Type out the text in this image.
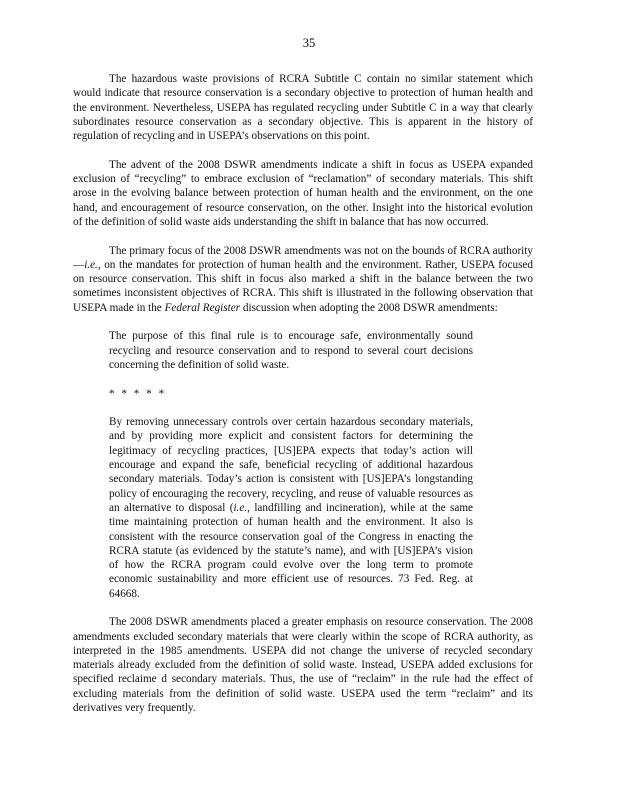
35

The hazardous waste provisions of RCRA Subtitle C contain no similar statement which would indicate that resource conservation is a secondary objective to protection of human health and the environment. Nevertheless, USEPA has regulated recycling under Subtitle C in a way that clearly subordinates resource conservation as a secondary objective. This is apparent in the history of regulation of recycling and in USEPA’s observations on this point.

The advent of the 2008 DSWR amendments indicate a shift in focus as USEPA expanded exclusion of “recycling” to embrace exclusion of “reclamation” of secondary materials. This shift arose in the evolving balance between protection of human health and the environment, on the one hand, and encouragement of resource conservation, on the other. Insight into the historical evolution of the definition of solid waste aids understanding the shift in balance that has now occurred.

The primary focus of the 2008 DSWR amendments was not on the bounds of RCRA authority—i.e., on the mandates for protection of human health and the environment. Rather, USEPA focused on resource conservation. This shift in focus also marked a shift in the balance between the two sometimes inconsistent objectives of RCRA. This shift is illustrated in the following observation that USEPA made in the Federal Register discussion when adopting the 2008 DSWR amendments:

The purpose of this final rule is to encourage safe, environmentally sound recycling and resource conservation and to respond to several court decisions concerning the definition of solid waste.

* * * * *

By removing unnecessary controls over certain hazardous secondary materials, and by providing more explicit and consistent factors for determining the legitimacy of recycling practices, [US]EPA expects that today’s action will encourage and expand the safe, beneficial recycling of additional hazardous secondary materials. Today’s action is consistent with [US]EPA’s longstanding policy of encouraging the recovery, recycling, and reuse of valuable resources as an alternative to disposal (i.e., landfilling and incineration), while at the same time maintaining protection of human health and the environment. It also is consistent with the resource conservation goal of the Congress in enacting the RCRA statute (as evidenced by the statute’s name), and with [US]EPA’s vision of how the RCRA program could evolve over the long term to promote economic sustainability and more efficient use of resources. 73 Fed. Reg. at 64668.

The 2008 DSWR amendments placed a greater emphasis on resource conservation. The 2008 amendments excluded secondary materials that were clearly within the scope of RCRA authority, as interpreted in the 1985 amendments. USEPA did not change the universe of recycled secondary materials already excluded from the definition of solid waste. Instead, USEPA added exclusions for specified reclaime d secondary materials. Thus, the use of “reclaim” in the rule had the effect of excluding materials from the definition of solid waste. USEPA used the term “reclaim” and its derivatives very frequently.
